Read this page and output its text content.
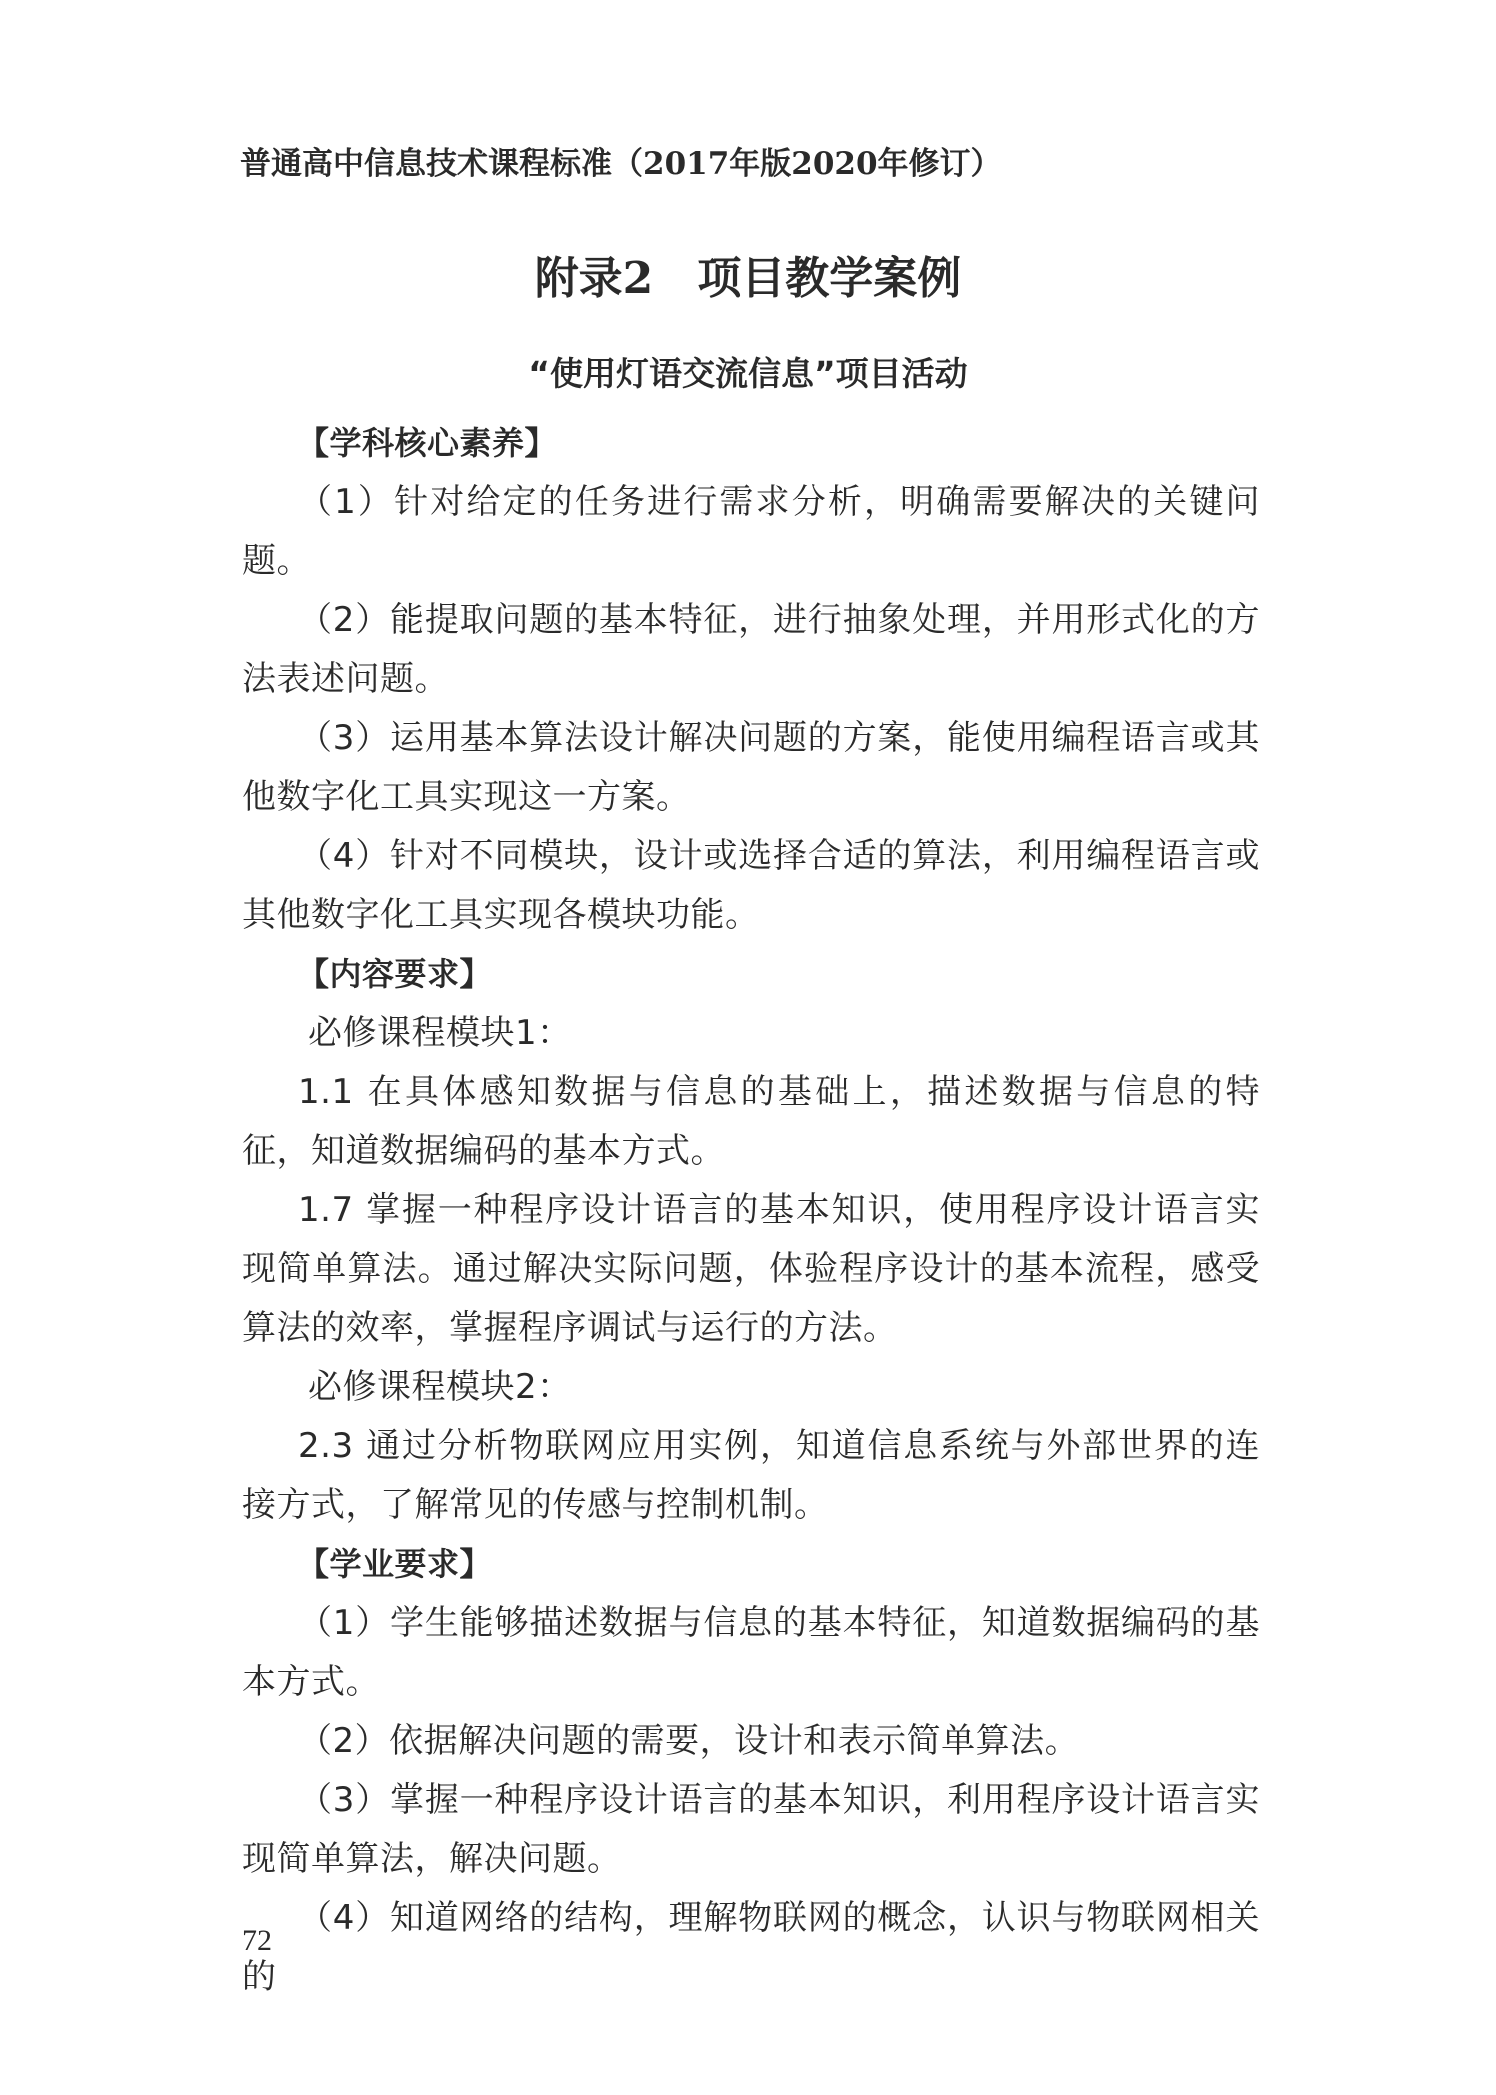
普通高中信息技术课程标准（2017年版2020年修订）
附录2 项目教学案例
“使用灯语交流信息”项目活动

【学科核心素养】

（1）针对给定的任务进行需求分析，明确需要解决的关键问题。

（2）能提取问题的基本特征，进行抽象处理，并用形式化的方法表述问题。

（3）运用基本算法设计解决问题的方案，能使用编程语言或其他数字化工具实现这一方案。

（4）针对不同模块，设计或选择合适的算法，利用编程语言或其他数字化工具实现各模块功能。

【内容要求】

必修课程模块1：

1.1 在具体感知数据与信息的基础上，描述数据与信息的特征，知道数据编码的基本方式。

1.7 掌握一种程序设计语言的基本知识，使用程序设计语言实现简单算法。通过解决实际问题，体验程序设计的基本流程，感受算法的效率，掌握程序调试与运行的方法。

必修课程模块2：

2.3 通过分析物联网应用实例，知道信息系统与外部世界的连接方式，了解常见的传感与控制机制。

【学业要求】

（1）学生能够描述数据与信息的基本特征，知道数据编码的基本方式。

（2）依据解决问题的需要，设计和表示简单算法。

（3）掌握一种程序设计语言的基本知识，利用程序设计语言实现简单算法，解决问题。

（4）知道网络的结构，理解物联网的概念，认识与物联网相关的

72
